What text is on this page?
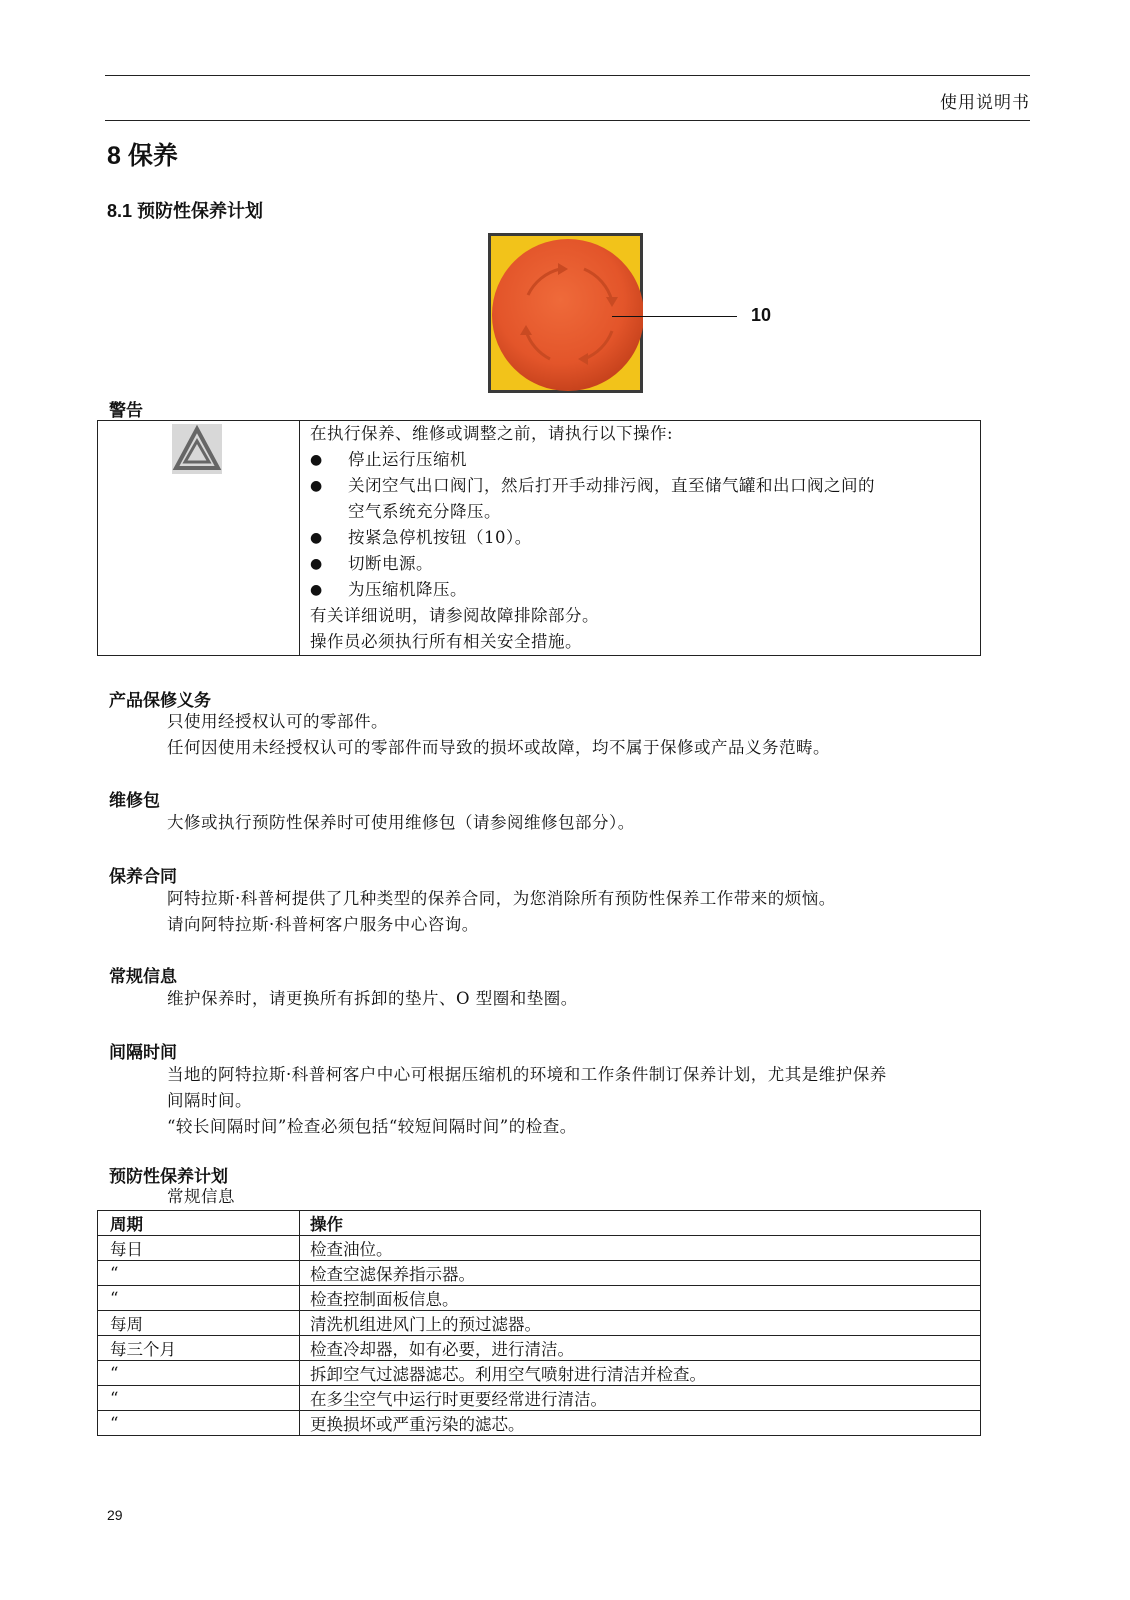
使用说明书
8 保养
8.1 预防性保养计划
10
警告
在执行保养、维修或调整之前，请执行以下操作:
●	停止运行压缩机
●	关闭空气出口阀门，然后打开手动排污阀，直至储气罐和出口阀之间的
空气系统充分降压。
●	按紧急停机按钮（10）。
●	切断电源。
●	为压缩机降压。
有关详细说明，请参阅故障排除部分。
操作员必须执行所有相关安全措施。
产品保修义务
只使用经授权认可的零部件。
任何因使用未经授权认可的零部件而导致的损坏或故障，均不属于保修或产品义务范畴。
维修包
大修或执行预防性保养时可使用维修包（请参阅维修包部分）。
保养合同
阿特拉斯·科普柯提供了几种类型的保养合同，为您消除所有预防性保养工作带来的烦恼。
请向阿特拉斯·科普柯客户服务中心咨询。
常规信息
维护保养时，请更换所有拆卸的垫片、O 型圈和垫圈。
间隔时间
当地的阿特拉斯·科普柯客户中心可根据压缩机的环境和工作条件制订保养计划，尤其是维护保养
间隔时间。
“较长间隔时间”检查必须包括“较短间隔时间”的检查。
预防性保养计划
常规信息
周期	操作
每日	检查油位。
“	检查空滤保养指示器。
“	检查控制面板信息。
每周	清洗机组进风门上的预过滤器。
每三个月	检查冷却器，如有必要，进行清洁。
“	拆卸空气过滤器滤芯。利用空气喷射进行清洁并检查。
“	在多尘空气中运行时更要经常进行清洁。
“	更换损坏或严重污染的滤芯。
29
